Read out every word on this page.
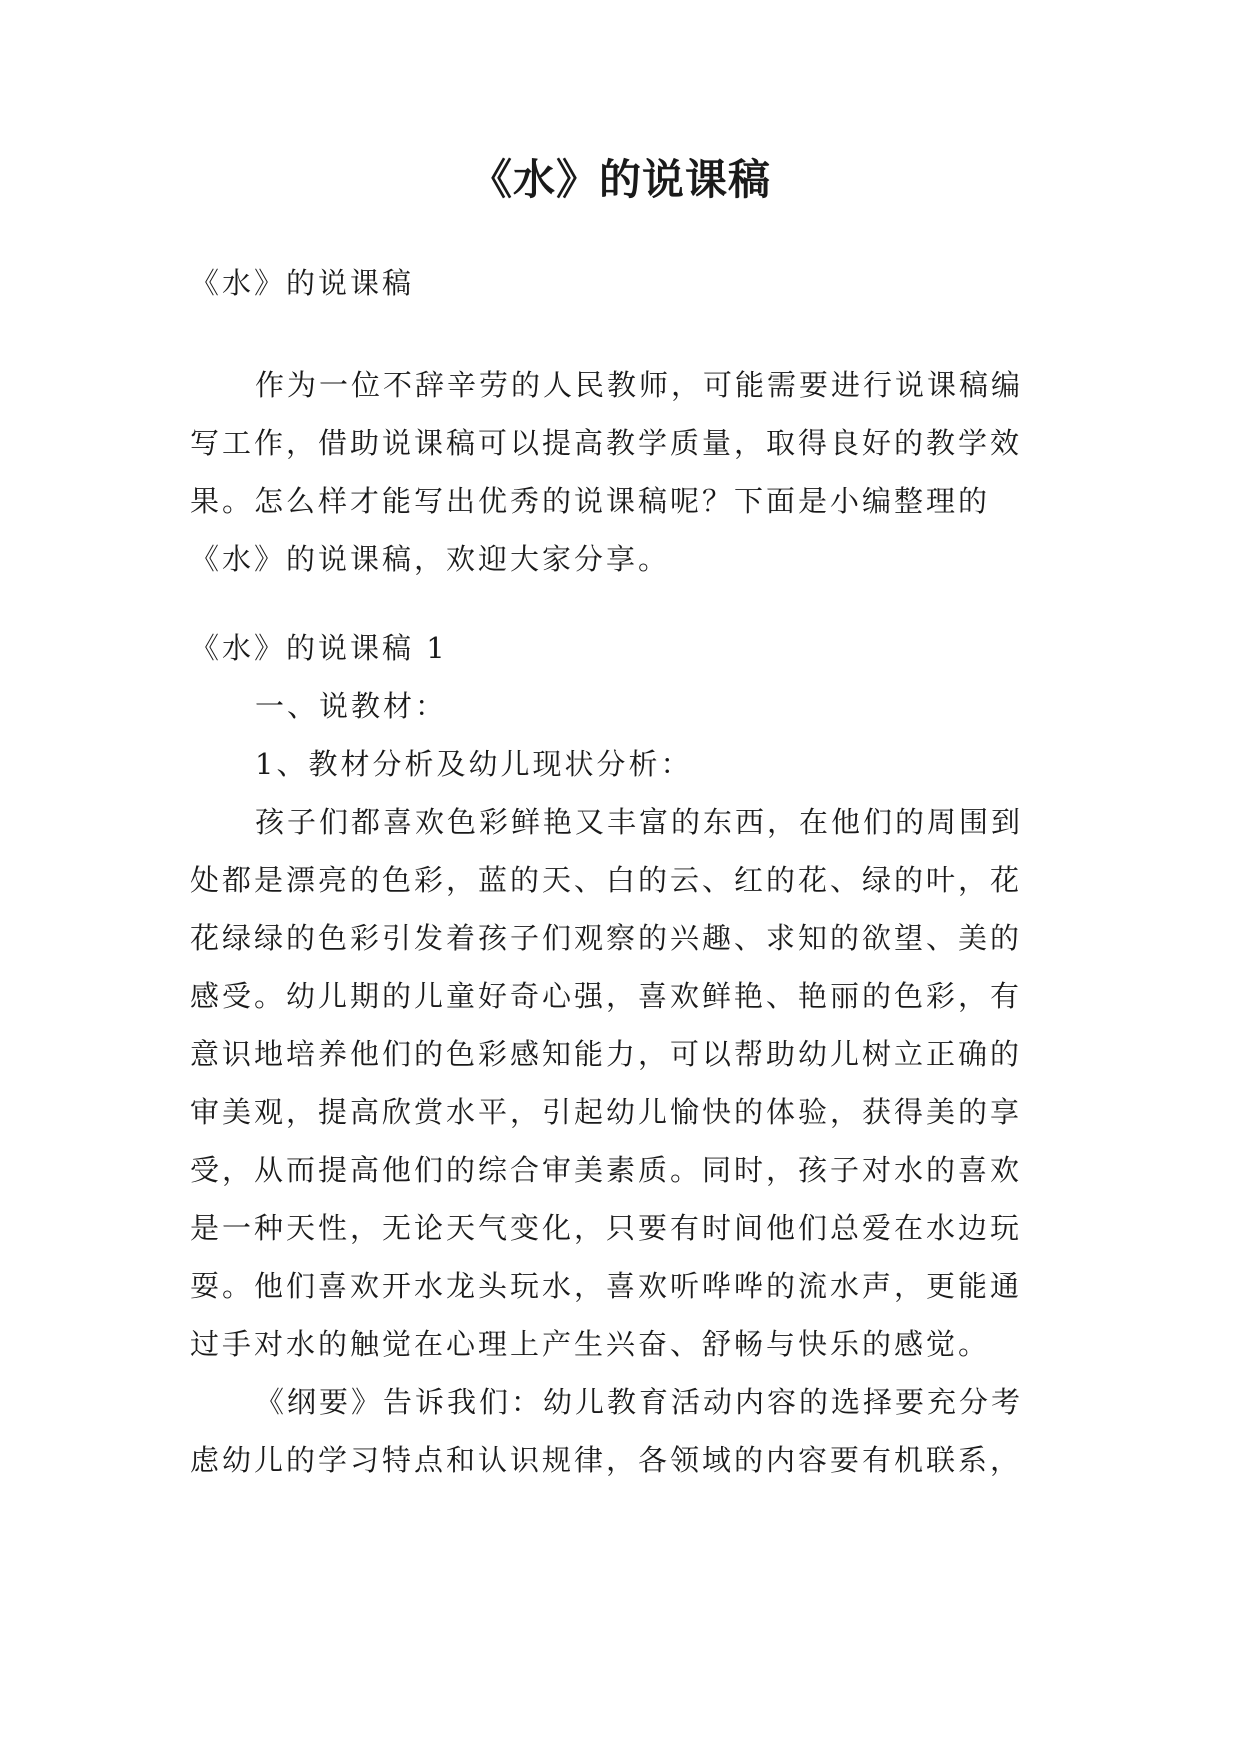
《水》的说课稿
《水》的说课稿
作为一位不辞辛劳的人民教师，可能需要进行说课稿编
写工作，借助说课稿可以提高教学质量，取得良好的教学效
果。怎么样才能写出优秀的说课稿呢？下面是小编整理的
《水》的说课稿，欢迎大家分享。
《水》的说课稿 1
一、说教材：
1、教材分析及幼儿现状分析：
孩子们都喜欢色彩鲜艳又丰富的东西，在他们的周围到
处都是漂亮的色彩，蓝的天、白的云、红的花、绿的叶，花
花绿绿的色彩引发着孩子们观察的兴趣、求知的欲望、美的
感受。幼儿期的儿童好奇心强，喜欢鲜艳、艳丽的色彩，有
意识地培养他们的色彩感知能力，可以帮助幼儿树立正确的
审美观，提高欣赏水平，引起幼儿愉快的体验，获得美的享
受，从而提高他们的综合审美素质。同时，孩子对水的喜欢
是一种天性，无论天气变化，只要有时间他们总爱在水边玩
耍。他们喜欢开水龙头玩水，喜欢听哗哗的流水声，更能通
过手对水的触觉在心理上产生兴奋、舒畅与快乐的感觉。
《纲要》告诉我们：幼儿教育活动内容的选择要充分考
虑幼儿的学习特点和认识规律，各领域的内容要有机联系，
